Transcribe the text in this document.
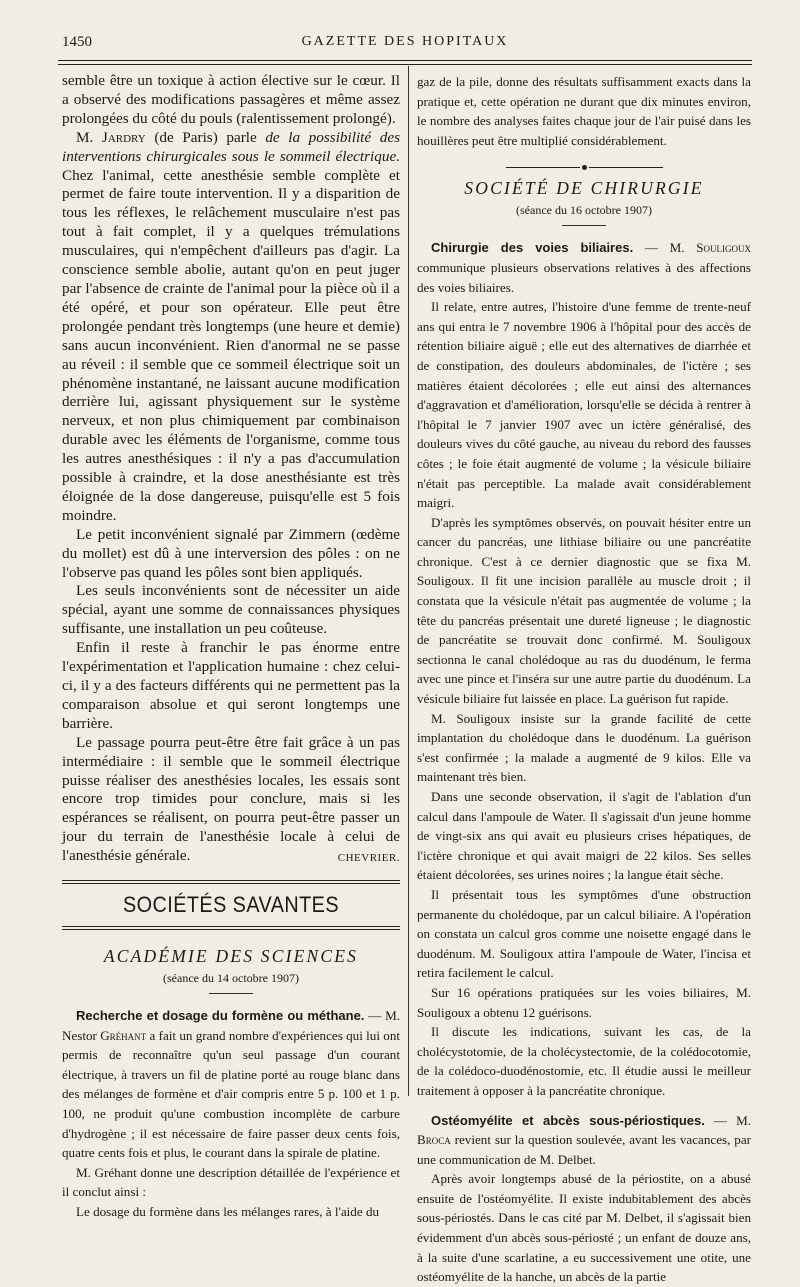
1450	GAZETTE DES HOPITAUX

semble être un toxique à action élective sur le cœur. Il a observé des modifications passagères et même assez prolongées du côté du pouls (ralentissement prolongé).

M. Jardry (de Paris) parle de la possibilité des interventions chirurgicales sous le sommeil électrique. Chez l'animal, cette anesthésie semble complète et permet de faire toute intervention. Il y a disparition de tous les réflexes, le relâchement musculaire n'est pas tout à fait complet, il y a quelques trémulations musculaires, qui n'empêchent d'ailleurs pas d'agir. La conscience semble abolie, autant qu'on en peut juger par l'absence de crainte de l'animal pour la pièce où il a été opéré, et pour son opérateur. Elle peut être prolongée pendant très longtemps (une heure et demie) sans aucun inconvénient. Rien d'anormal ne se passe au réveil : il semble que ce sommeil électrique soit un phénomène instantané, ne laissant aucune modification derrière lui, agissant physiquement sur le système nerveux, et non plus chimiquement par combinaison durable avec les éléments de l'organisme, comme tous les autres anesthésiques : il n'y a pas d'accumulation possible à craindre, et la dose anesthésiante est très éloignée de la dose dangereuse, puisqu'elle est 5 fois moindre.

Le petit inconvénient signalé par Zimmern (œdème du mollet) est dû à une interversion des pôles : on ne l'observe pas quand les pôles sont bien appliqués.

Les seuls inconvénients sont de nécessiter un aide spécial, ayant une somme de connaissances physiques suffisante, une installation un peu coûteuse.

Enfin il reste à franchir le pas énorme entre l'expérimentation et l'application humaine : chez celui-ci, il y a des facteurs différents qui ne permettent pas la comparaison absolue et qui seront longtemps une barrière.

Le passage pourra peut-être être fait grâce à un pas intermédiaire : il semble que le sommeil électrique puisse réaliser des anesthésies locales, les essais sont encore trop timides pour conclure, mais si les espérances se réalisent, on pourra peut-être passer un jour du terrain de l'anesthésie locale à celui de l'anesthésie générale.	CHEVRIER.

SOCIÉTÉS SAVANTES
ACADÉMIE DES SCIENCES
(séance du 14 octobre 1907)

Recherche et dosage du formène ou méthane. — M. Nestor Gréhant a fait un grand nombre d'expériences qui lui ont permis de reconnaître qu'un seul passage d'un courant électrique, à travers un fil de platine porté au rouge blanc dans des mélanges de formène et d'air compris entre 5 p. 100 et 1 p. 100, ne produit qu'une combustion incomplète de carbure d'hydrogène ; il est nécessaire de faire passer deux cents fois, quatre cents fois et plus, le courant dans la spirale de platine.

M. Gréhant donne une description détaillée de l'expérience et il conclut ainsi :

Le dosage du formène dans les mélanges rares, à l'aide du

gaz de la pile, donne des résultats suffisamment exacts dans la pratique et, cette opération ne durant que dix minutes environ, le nombre des analyses faites chaque jour de l'air puisé dans les houillères peut être multiplié considérablement.

SOCIÉTÉ DE CHIRURGIE
(séance du 16 octobre 1907)

Chirurgie des voies biliaires. — M. Souligoux communique plusieurs observations relatives à des affections des voies biliaires.

Il relate, entre autres, l'histoire d'une femme de trente-neuf ans qui entra le 7 novembre 1906 à l'hôpital pour des accès de rétention biliaire aiguë ; elle eut des alternatives de diarrhée et de constipation, des douleurs abdominales, de l'ictère ; ses matières étaient décolorées ; elle eut ainsi des alternances d'aggravation et d'amélioration, lorsqu'elle se décida à rentrer à l'hôpital le 7 janvier 1907 avec un ictère généralisé, des douleurs vives du côté gauche, au niveau du rebord des fausses côtes ; le foie était augmenté de volume ; la vésicule biliaire n'était pas perceptible. La malade avait considérablement maigri.

D'après les symptômes observés, on pouvait hésiter entre un cancer du pancréas, une lithiase biliaire ou une pancréatite chronique. C'est à ce dernier diagnostic que se fixa M. Souligoux. Il fit une incision parallèle au muscle droit ; il constata que la vésicule n'était pas augmentée de volume ; la tête du pancréas présentait une dureté ligneuse ; le diagnostic de pancréatite se trouvait donc confirmé. M. Souligoux sectionna le canal cholédoque au ras du duodénum, le ferma avec une pince et l'inséra sur une autre partie du duodénum. La vésicule biliaire fut laissée en place. La guérison fut rapide.

M. Souligoux insiste sur la grande facilité de cette implantation du cholédoque dans le duodénum. La guérison s'est confirmée ; la malade a augmenté de 9 kilos. Elle va maintenant très bien.

Dans une seconde observation, il s'agit de l'ablation d'un calcul dans l'ampoule de Water. Il s'agissait d'un jeune homme de vingt-six ans qui avait eu plusieurs crises hépatiques, de l'ictère chronique et qui avait maigri de 22 kilos. Ses selles étaient décolorées, ses urines noires ; la langue était sèche.

Il présentait tous les symptômes d'une obstruction permanente du cholédoque, par un calcul biliaire. A l'opération on constata un calcul gros comme une noisette engagé dans le duodénum. M. Souligoux attira l'ampoule de Water, l'incisa et retira facilement le calcul.

Sur 16 opérations pratiquées sur les voies biliaires, M. Souligoux a obtenu 12 guérisons.

Il discute les indications, suivant les cas, de la cholécystotomie, de la cholécystectomie, de la colédocotomie, de la colédoco-duodénostomie, etc. Il étudie aussi le meilleur traitement à opposer à la pancréatite chronique.

Ostéomyélite et abcès sous-périostiques. — M. Broca revient sur la question soulevée, avant les vacances, par une communication de M. Delbet.

Après avoir longtemps abusé de la périostite, on a abusé ensuite de l'ostéomyélite. Il existe indubitablement des abcès sous-périostés. Dans le cas cité par M. Delbet, il s'agissait bien évidemment d'un abcès sous-périosté ; un enfant de douze ans, à la suite d'une scarlatine, a eu successivement une otite, une ostéomyélite de la hanche, un abcès de la partie
